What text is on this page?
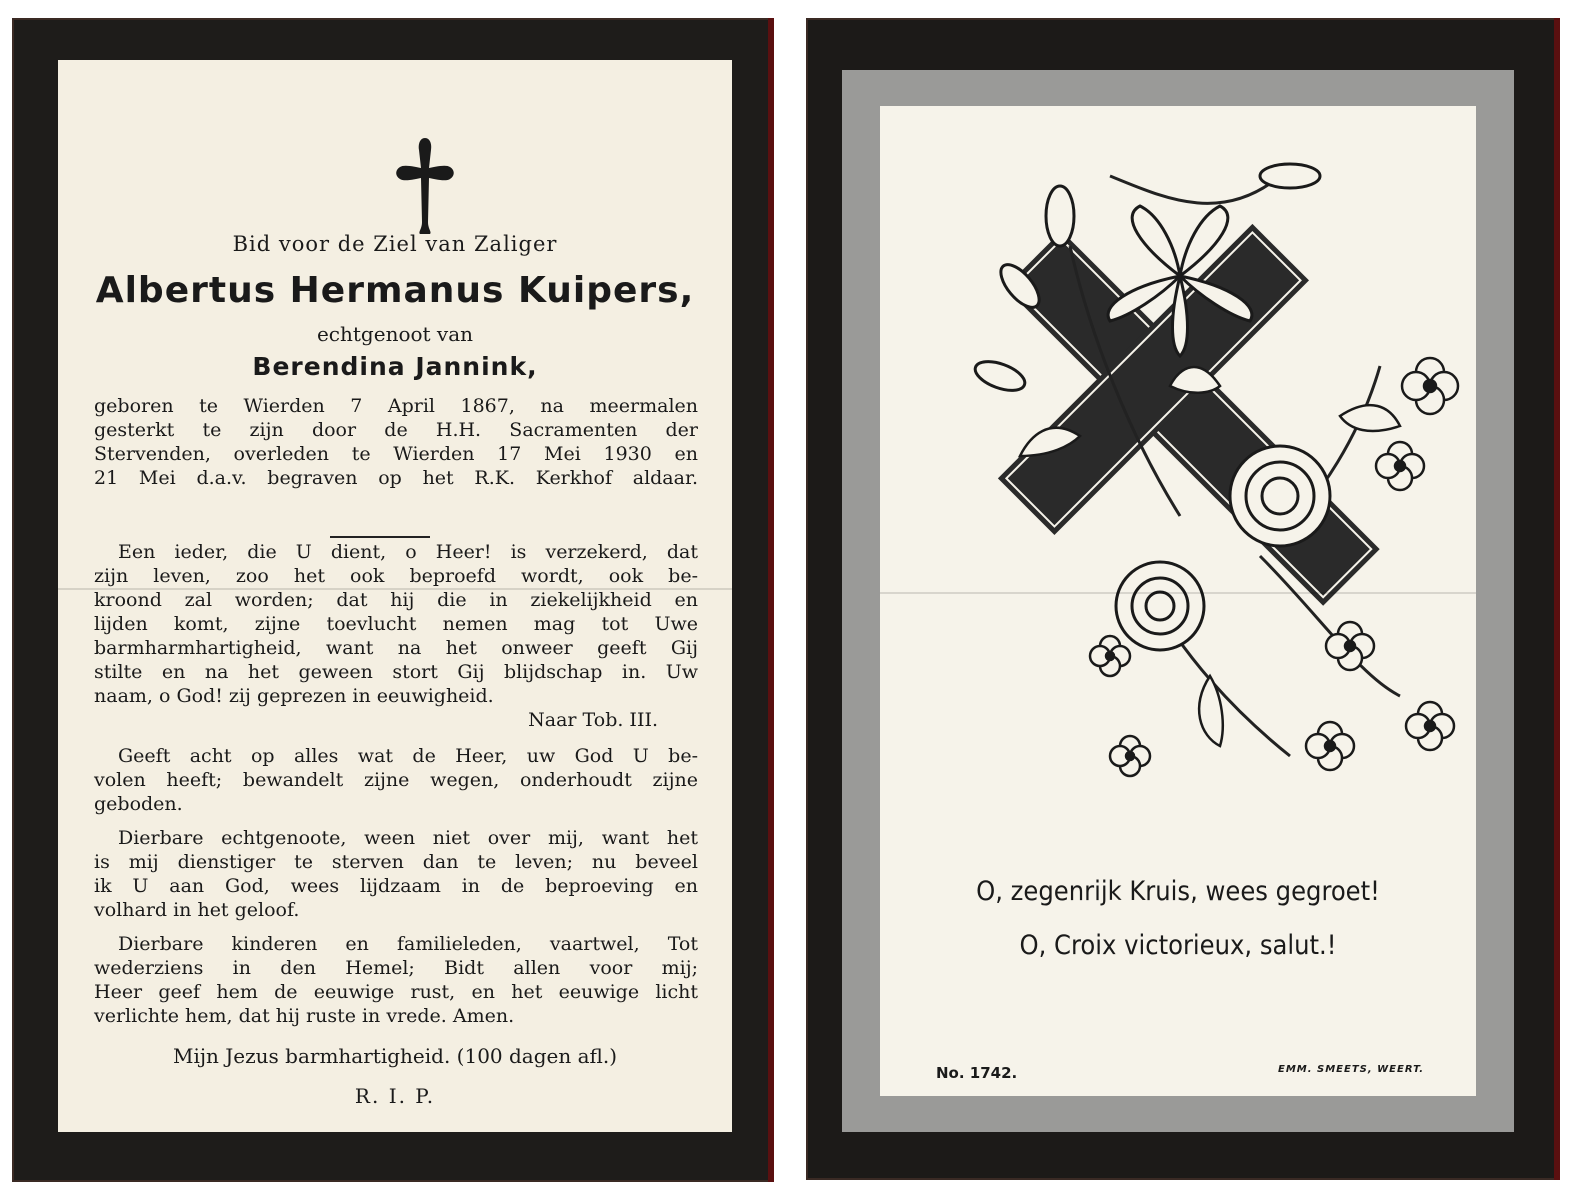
Bid voor de Ziel van Zaliger
Albertus Hermanus Kuipers,
echtgenoot van
Berendina Jannink,
geboren te Wierden 7 April 1867, na meermalen
gesterkt te zijn door de H.H. Sacramenten der
Stervenden, overleden te Wierden 17 Mei 1930 en
21 Mei d.a.v. begraven op het R.K. Kerkhof aldaar.
Een ieder, die U dient, o Heer! is verzekerd, dat
zijn leven, zoo het ook beproefd wordt, ook be-
kroond zal worden; dat hij die in ziekelijkheid en
lijden komt, zijne toevlucht nemen mag tot Uwe
barmharmhartigheid, want na het onweer geeft Gij
stilte en na het geween stort Gij blijdschap in. Uw
naam, o God! zij geprezen in eeuwigheid.
Naar Tob. III.
Geeft acht op alles wat de Heer, uw God U be-
volen heeft; bewandelt zijne wegen, onderhoudt zijne
geboden.
Dierbare echtgenoote, ween niet over mij, want het
is mij dienstiger te sterven dan te leven; nu beveel
ik U aan God, wees lijdzaam in de beproeving en
volhard in het geloof.
Dierbare kinderen en familieleden, vaartwel, Tot
wederziens in den Hemel; Bidt allen voor mij;
Heer geef hem de eeuwige rust, en het eeuwige licht
verlichte hem, dat hij ruste in vrede. Amen.
Mijn Jezus barmhartigheid. (100 dagen afl.)
R. I. P.
O, zegenrijk Kruis, wees gegroet!
O, Croix victorieux, salut.!
No. 1742.	EMM. SMEETS, WEERT.
